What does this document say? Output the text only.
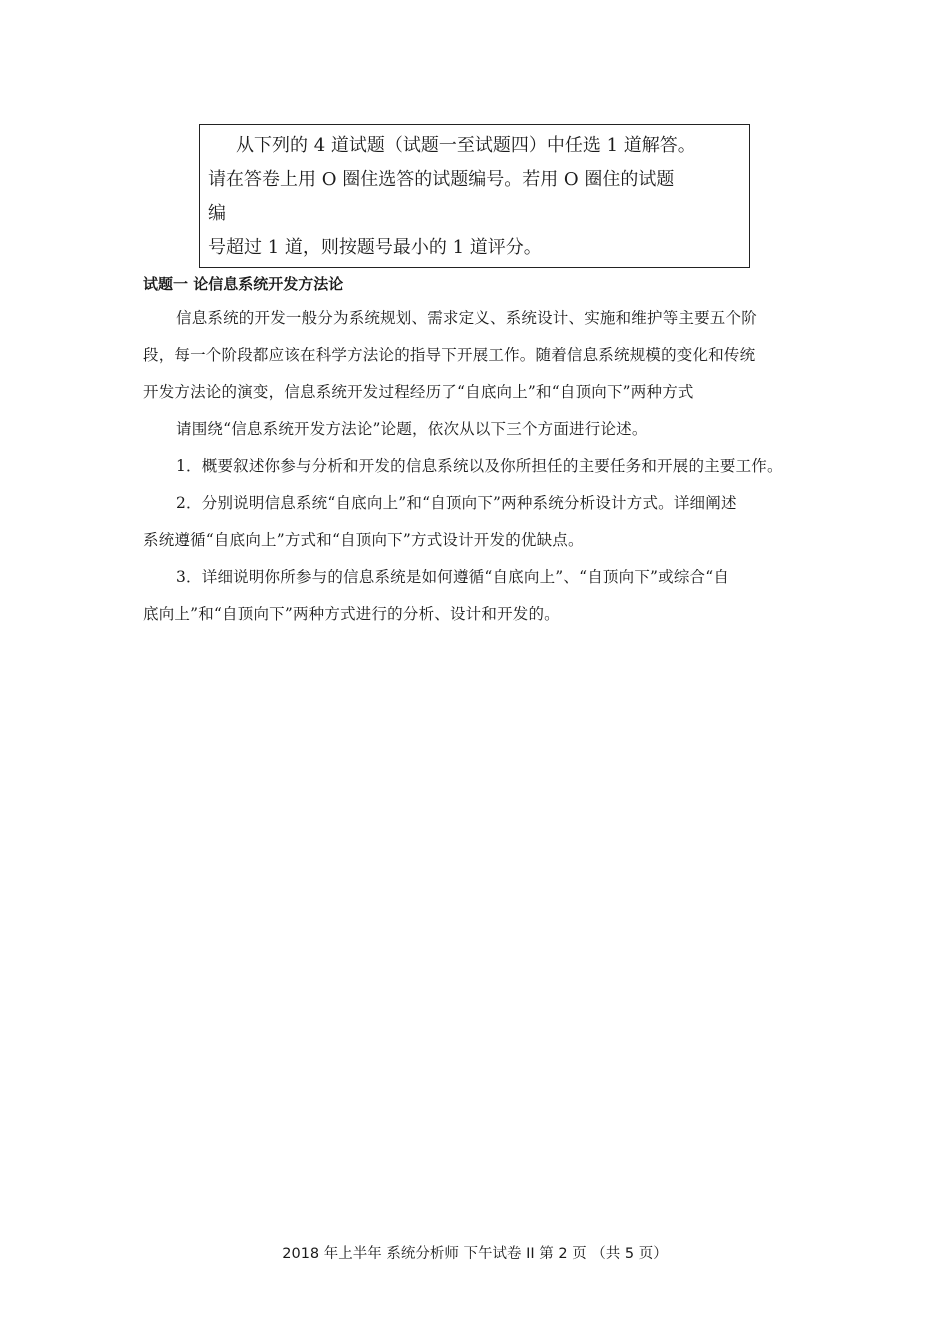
从下列的 4 道试题（试题一至试题四）中任选 1 道解答。
请在答卷上用 O 圈住选答的试题编号。若用 O 圈住的试题
编
号超过 1 道，则按题号最小的 1 道评分。
试题一 论信息系统开发方法论
信息系统的开发一般分为系统规划、需求定义、系统设计、实施和维护等主要五个阶
段，每一个阶段都应该在科学方法论的指导下开展工作。随着信息系统规模的变化和传统
开发方法论的演变，信息系统开发过程经历了“自底向上”和“自顶向下”两种方式
请围绕“信息系统开发方法论”论题，依次从以下三个方面进行论述。
1．概要叙述你参与分析和开发的信息系统以及你所担任的主要任务和开展的主要工作。
2．分别说明信息系统“自底向上”和“自顶向下”两种系统分析设计方式。详细阐述
系统遵循“自底向上”方式和“自顶向下”方式设计开发的优缺点。
3．详细说明你所参与的信息系统是如何遵循“自底向上”、“自顶向下”或综合“自
底向上”和“自顶向下”两种方式进行的分析、设计和开发的。
2018 年上半年 系统分析师 下午试卷 II 第 2 页 （共 5 页）
